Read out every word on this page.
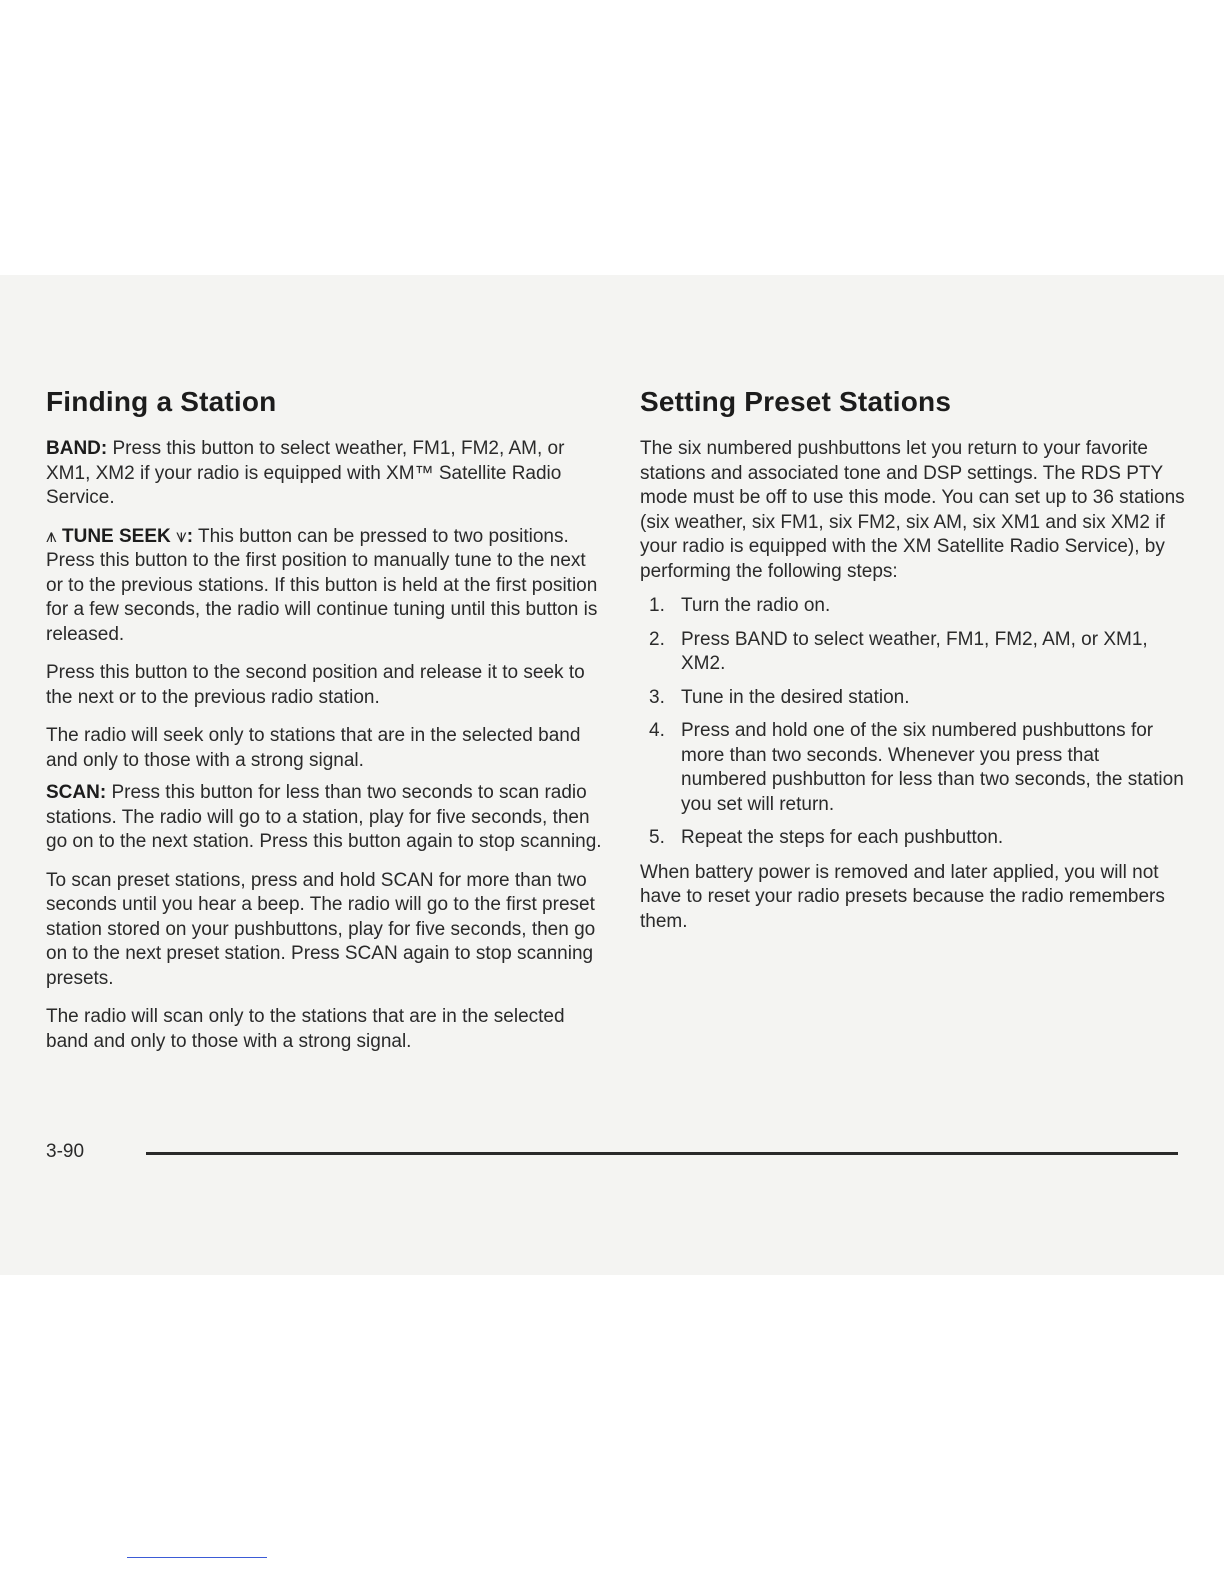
Finding a Station

BAND: Press this button to select weather, FM1, FM2, AM, or XM1, XM2 if your radio is equipped with XM™ Satellite Radio Service.

⩚ TUNE SEEK ⩛: This button can be pressed to two positions. Press this button to the first position to manually tune to the next or to the previous stations. If this button is held at the first position for a few seconds, the radio will continue tuning until this button is released.

Press this button to the second position and release it to seek to the next or to the previous radio station.

The radio will seek only to stations that are in the selected band and only to those with a strong signal.

SCAN: Press this button for less than two seconds to scan radio stations. The radio will go to a station, play for five seconds, then go on to the next station. Press this button again to stop scanning.

To scan preset stations, press and hold SCAN for more than two seconds until you hear a beep. The radio will go to the first preset station stored on your pushbuttons, play for five seconds, then go on to the next preset station. Press SCAN again to stop scanning presets.

The radio will scan only to the stations that are in the selected band and only to those with a strong signal.

Setting Preset Stations

The six numbered pushbuttons let you return to your favorite stations and associated tone and DSP settings. The RDS PTY mode must be off to use this mode. You can set up to 36 stations (six weather, six FM1, six FM2, six AM, six XM1 and six XM2 if your radio is equipped with the XM Satellite Radio Service), by performing the following steps:

1. Turn the radio on.
2. Press BAND to select weather, FM1, FM2, AM, or XM1, XM2.
3. Tune in the desired station.
4. Press and hold one of the six numbered pushbuttons for more than two seconds. Whenever you press that numbered pushbutton for less than two seconds, the station you set will return.
5. Repeat the steps for each pushbutton.

When battery power is removed and later applied, you will not have to reset your radio presets because the radio remembers them.

3-90
